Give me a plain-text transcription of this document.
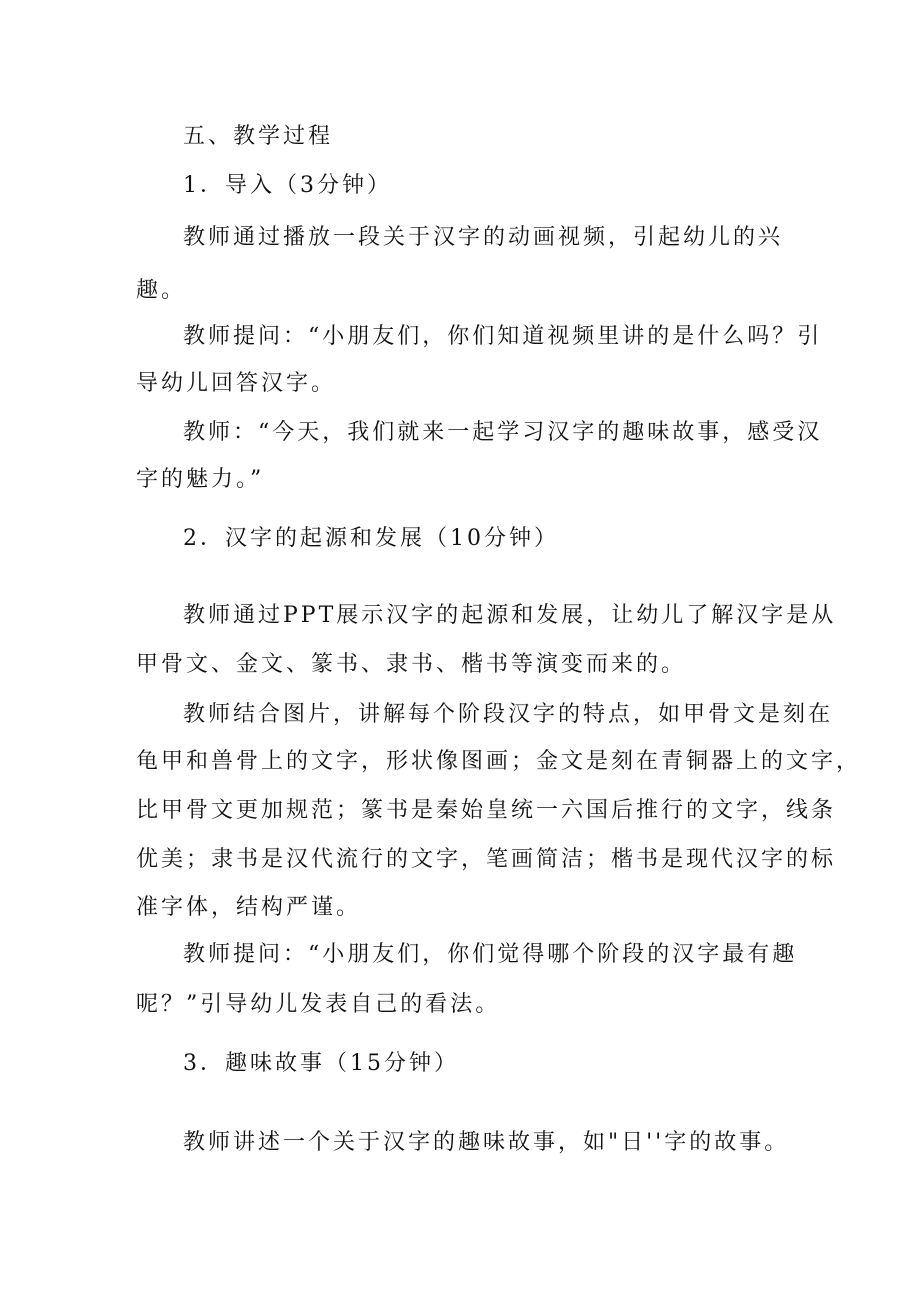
五、教学过程
1．导入（3分钟）
教师通过播放一段关于汉字的动画视频，引起幼儿的兴
趣。
教师提问：“小朋友们，你们知道视频里讲的是什么吗？引
导幼儿回答汉字。
教师：“今天，我们就来一起学习汉字的趣味故事，感受汉
字的魅力。”
2．汉字的起源和发展（10分钟）
教师通过PPT展示汉字的起源和发展，让幼儿了解汉字是从
甲骨文、金文、篆书、隶书、楷书等演变而来的。
教师结合图片，讲解每个阶段汉字的特点，如甲骨文是刻在
龟甲和兽骨上的文字，形状像图画；金文是刻在青铜器上的文字，
比甲骨文更加规范；篆书是秦始皇统一六国后推行的文字，线条
优美；隶书是汉代流行的文字，笔画简洁；楷书是现代汉字的标
准字体，结构严谨。
教师提问：“小朋友们，你们觉得哪个阶段的汉字最有趣
呢？”引导幼儿发表自己的看法。
3．趣味故事（15分钟）
教师讲述一个关于汉字的趣味故事，如"日''字的故事。
